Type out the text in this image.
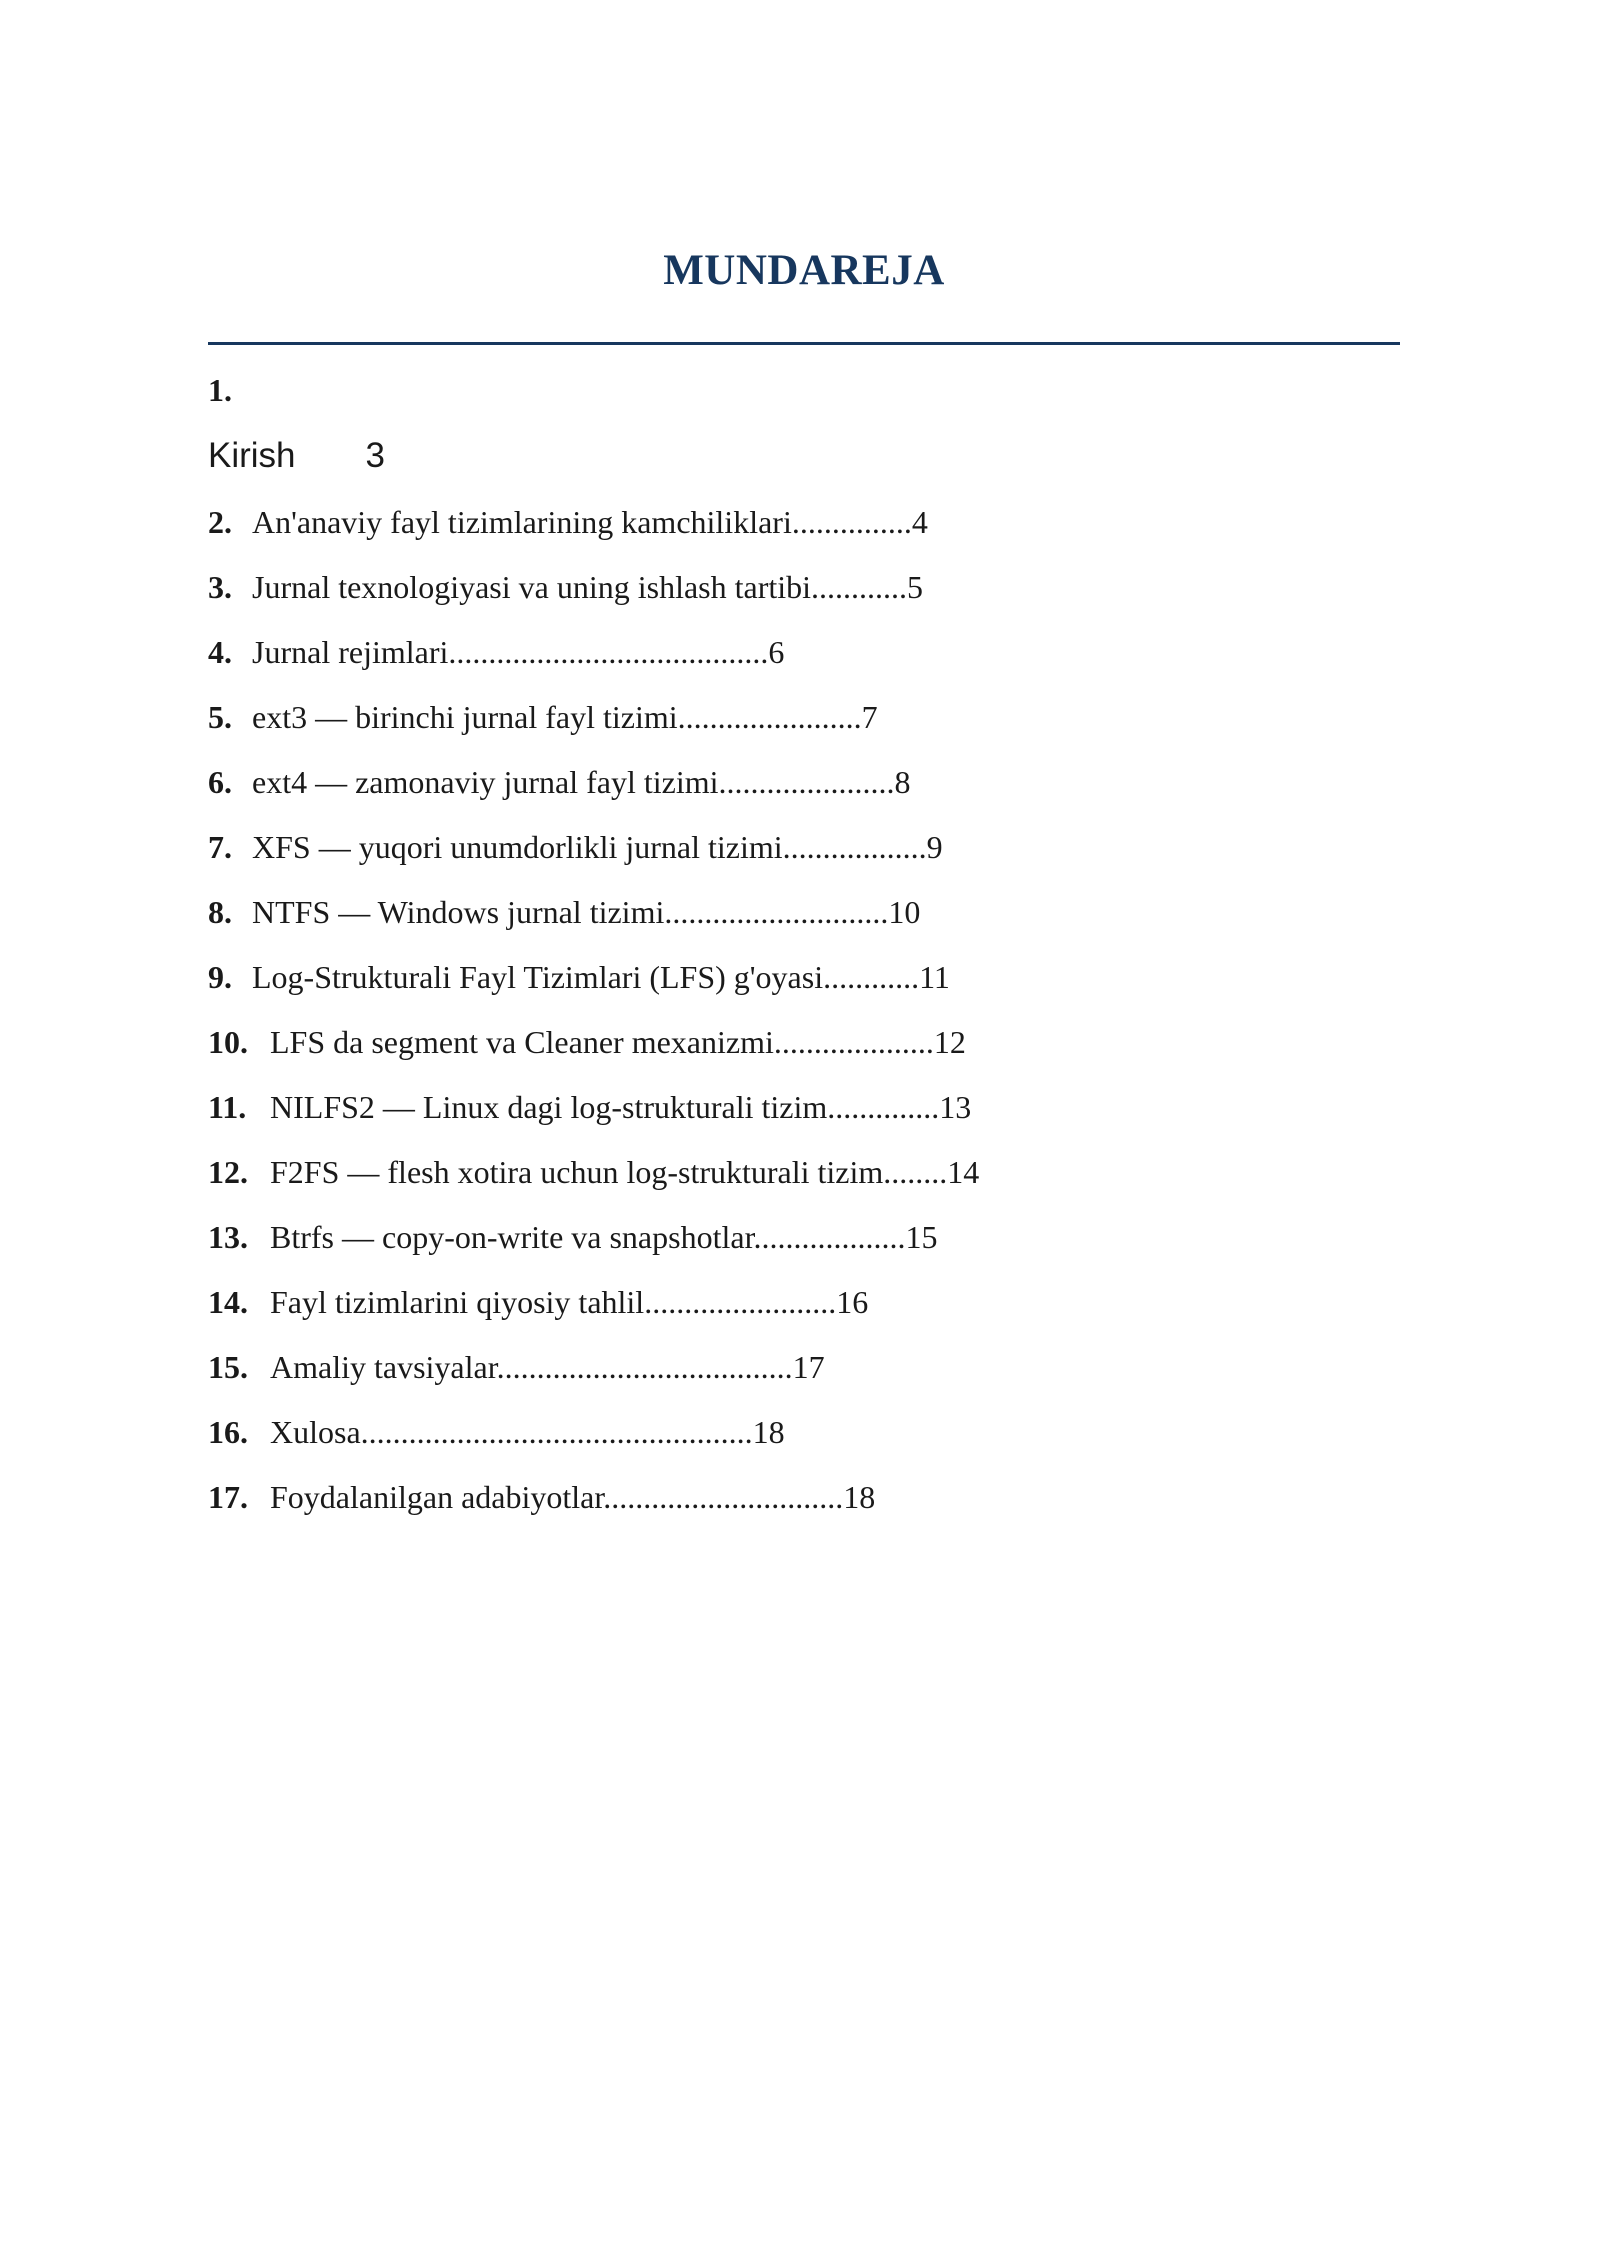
MUNDAREJA
1.
Kirish 3
2. An'anaviy fayl tizimlarining kamchiliklari...............4
3. Jurnal texnologiyasi va uning ishlash tartibi............5
4. Jurnal rejimlari........................................6
5. ext3 — birinchi jurnal fayl tizimi.......................7
6. ext4 — zamonaviy jurnal fayl tizimi......................8
7. XFS — yuqori unumdorlikli jurnal tizimi..................9
8. NTFS — Windows jurnal tizimi............................10
9. Log-Strukturali Fayl Tizimlari (LFS) g'oyasi............11
10. LFS da segment va Cleaner mexanizmi....................12
11. NILFS2 — Linux dagi log-strukturali tizim..............13
12. F2FS — flesh xotira uchun log-strukturali tizim........14
13. Btrfs — copy-on-write va snapshotlar...................15
14. Fayl tizimlarini qiyosiy tahlil........................16
15. Amaliy tavsiyalar.....................................17
16. Xulosa.................................................18
17. Foydalanilgan adabiyotlar..............................18
